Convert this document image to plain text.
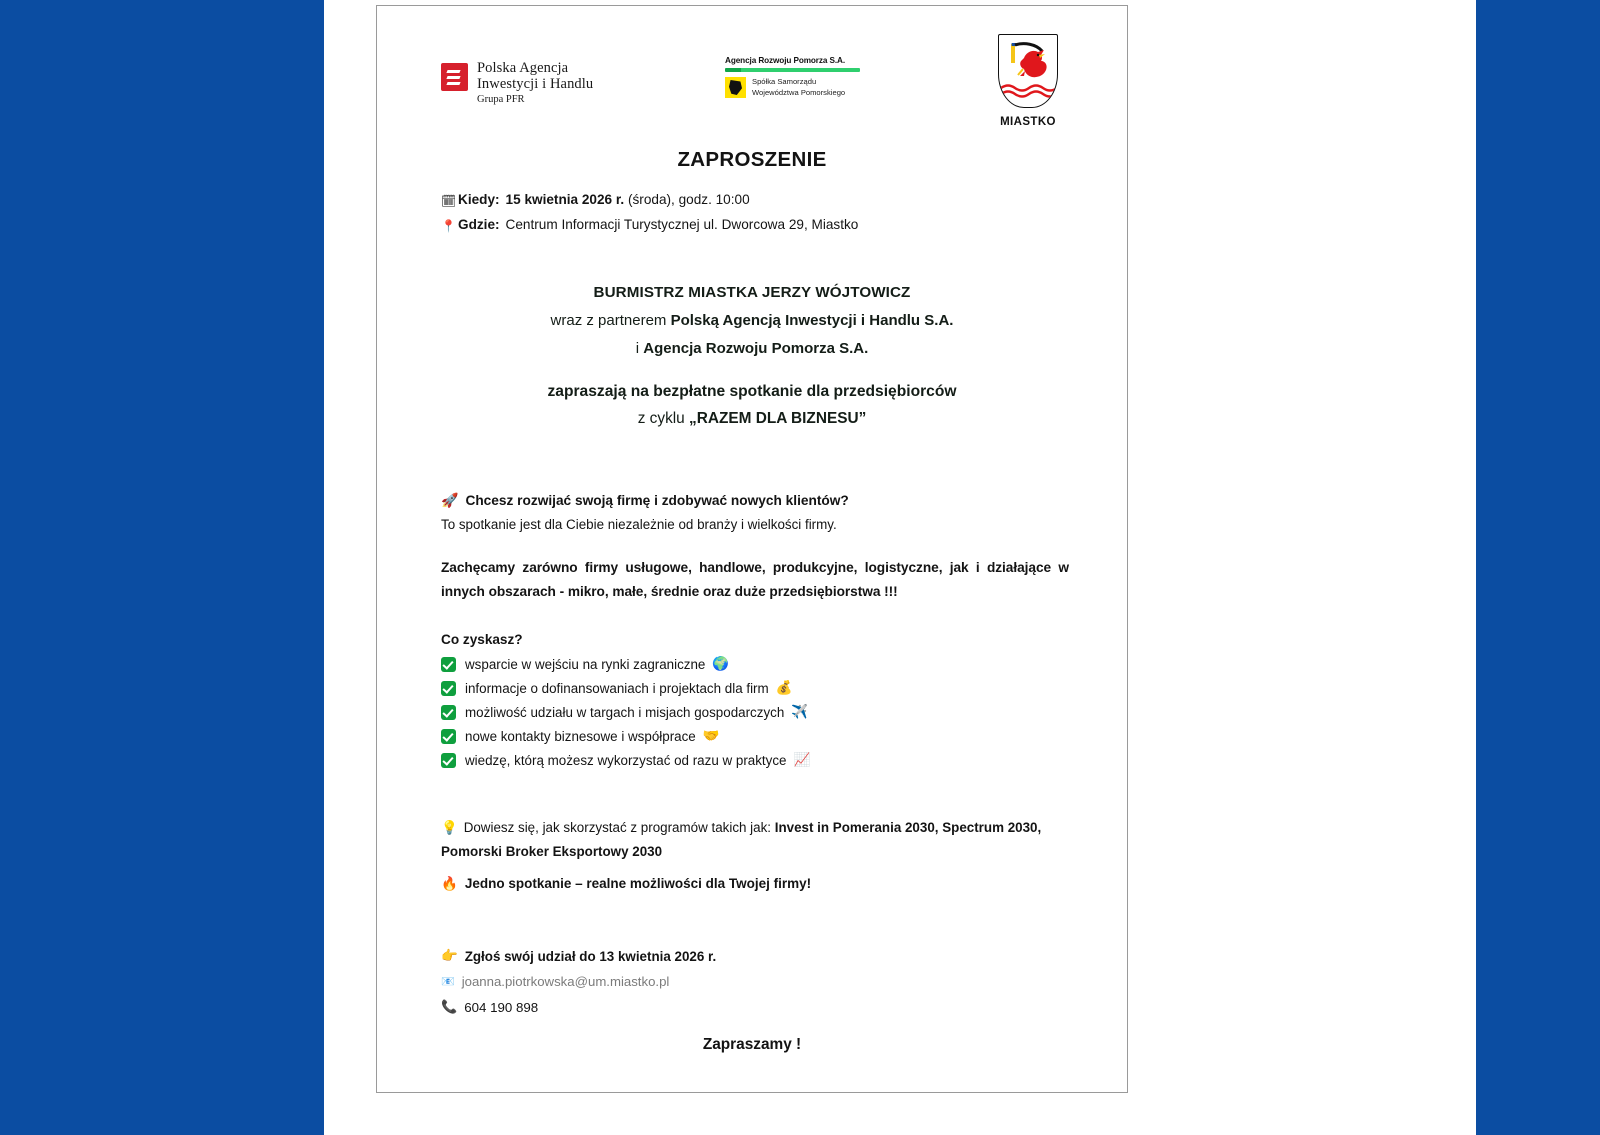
Polska Agencja
Inwestycji i Handlu
Grupa PFR
Agencja Rozwoju Pomorza S.A.
Spółka Samorządu
Województwa Pomorskiego
MIASTKO
ZAPROSZENIE
🗓 Kiedy: 15 kwietnia 2026 r.
(środa), godz. 10:00
📍 Gdzie: Centrum Informacji Turystycznej ul. Dworcowa 29, Miastko
BURMISTRZ MIASTKA JERZY WÓJTOWICZ
wraz z partnerem Polską Agencją Inwestycji i Handlu S.A.
i Agencja Rozwoju Pomorza S.A.
zapraszają na bezpłatne spotkanie dla przedsiębiorców
z cyklu „RAZEM DLA BIZNESU”
🚀 Chcesz rozwijać swoją firmę i zdobywać nowych klientów?
To spotkanie jest dla Ciebie niezależnie od branży i wielkości firmy.
Zachęcamy zarówno firmy usługowe, handlowe, produkcyjne, logistyczne, jak i działające w innych obszarach - mikro, małe, średnie oraz duże przedsiębiorstwa !!!
Co zyskasz?
wsparcie w wejściu na rynki zagraniczne 🌍
informacje o dofinansowaniach i projektach dla firm 💰
możliwość udziału w targach i misjach gospodarczych ✈️
nowe kontakty biznesowe i współprace 🤝
wiedzę, którą możesz wykorzystać od razu w praktyce 📈
💡 Dowiesz się, jak skorzystać z programów takich jak: Invest in Pomerania 2030, Spectrum 2030, Pomorski Broker Eksportowy 2030
🔥 Jedno spotkanie – realne możliwości dla Twojej firmy!
👉 Zgłoś swój udział do 13 kwietnia 2026 r.
📧 joanna.piotrkowska@um.miastko.pl
📞 604 190 898
Zapraszamy !
